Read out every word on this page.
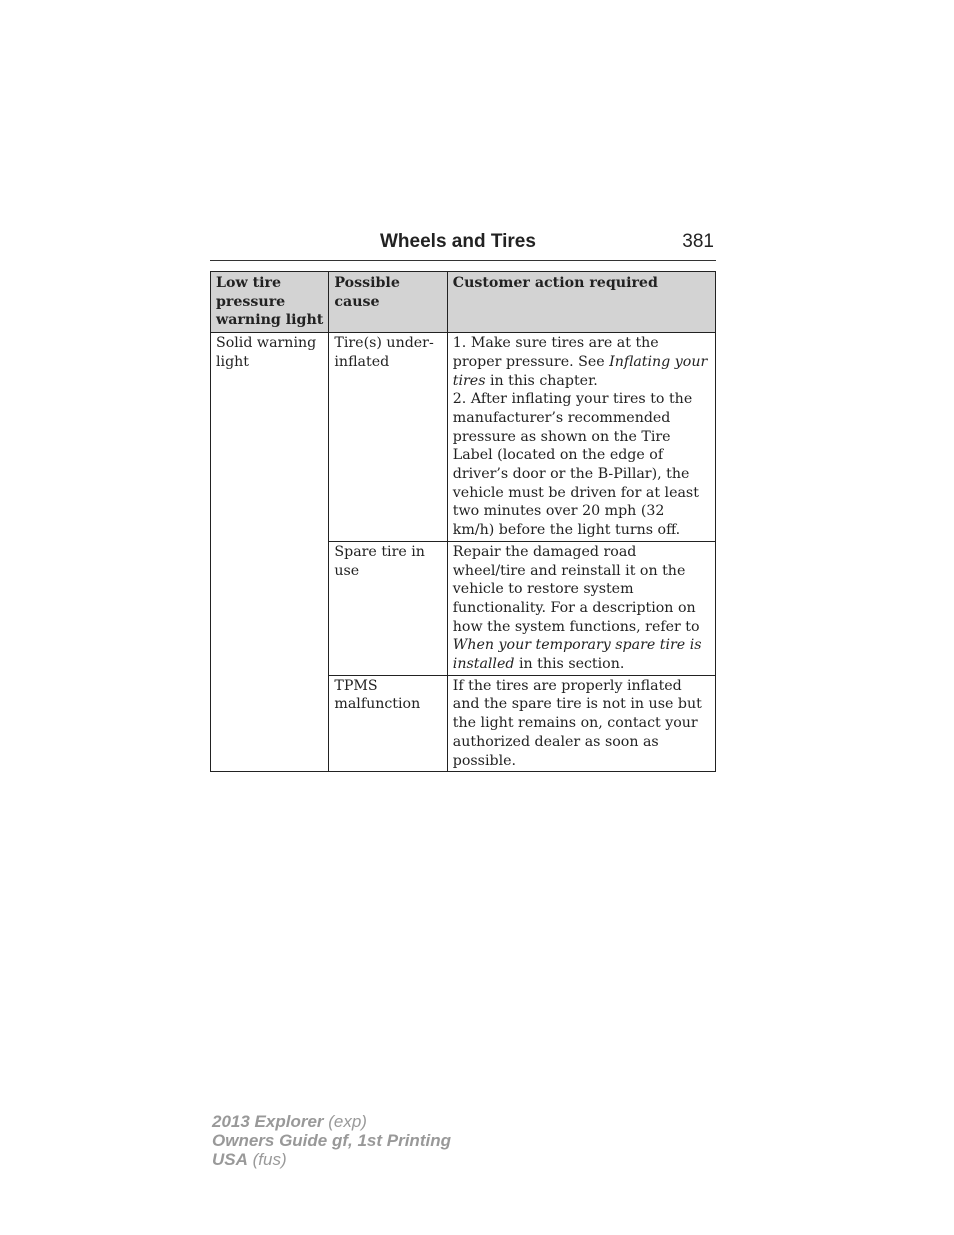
Wheels and Tires	381
Low tire pressure warning light	Possible cause	Customer action required
Solid warning light	Tire(s) under-inflated	1. Make sure tires are at the proper pressure. See Inflating your tires in this chapter.
2. After inflating your tires to the manufacturer’s recommended pressure as shown on the Tire Label (located on the edge of driver’s door or the B-Pillar), the vehicle must be driven for at least two minutes over 20 mph (32 km/h) before the light turns off.

	Spare tire in use	Repair the damaged road wheel/tire and reinstall it on the vehicle to restore system functionality. For a description on how the system functions, refer to When your temporary spare tire is installed in this section.
	TPMS malfunction	If the tires are properly inflated and the spare tire is not in use but the light remains on, contact your authorized dealer as soon as possible.
2013 Explorer (exp)
Owners Guide gf, 1st Printing
USA (fus)
